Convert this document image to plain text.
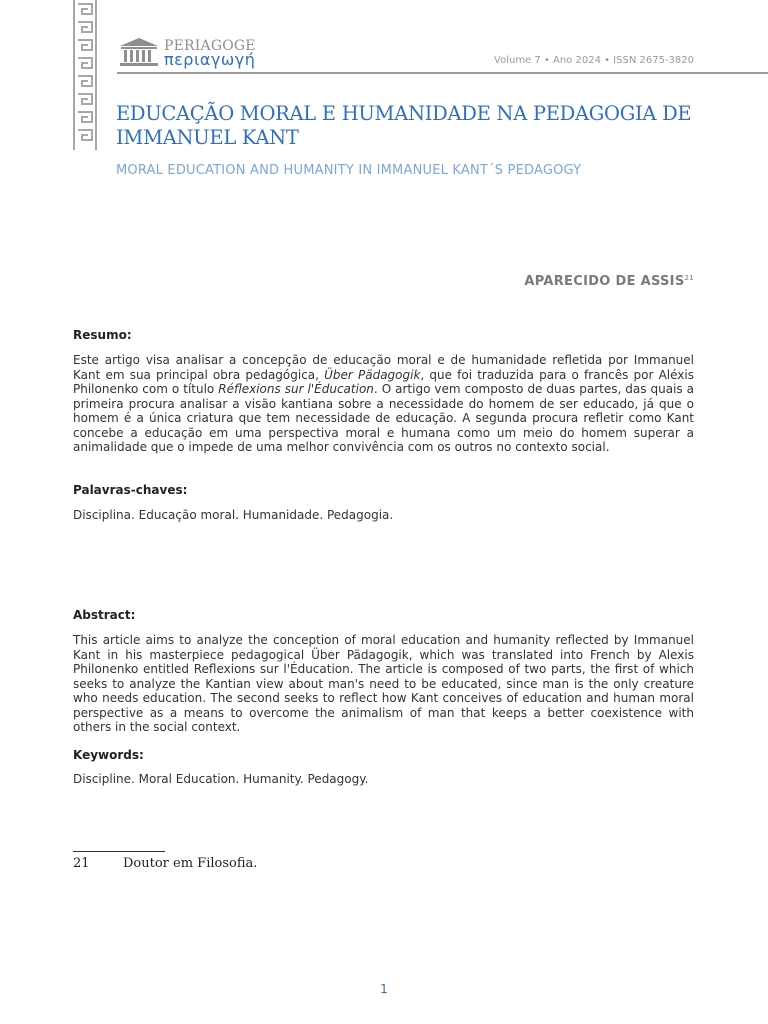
PERIAGOGE
περιαγωγή	Volume 7 • Ano 2024 • ISSN 2675-3820
EDUCAÇÃO MORAL E HUMANIDADE NA PEDAGOGIA DE IMMANUEL KANT
MORAL EDUCATION AND HUMANITY IN IMMANUEL KANT´S PEDAGOGY
APARECIDO DE ASSIS$^{21}$

Resumo:

Este artigo visa analisar a concepção de educação moral e de humanidade refletida por Immanuel Kant em sua principal obra pedagógica, Über Pädagogik, que foi traduzida para o francês por Aléxis Philonenko com o título Réflexions sur l'Éducation. O artigo vem composto de duas partes, das quais a primeira procura analisar a visão kantiana sobre a necessidade do homem de ser educado, já que o homem é a única criatura que tem necessidade de educação. A segunda procura refletir como Kant concebe a educação em uma perspectiva moral e humana como um meio do homem superar a animalidade que o impede de uma melhor convivência com os outros no contexto social.

Palavras-chaves:

Disciplina. Educação moral. Humanidade. Pedagogia.

Abstract:

This article aims to analyze the conception of moral education and humanity reflected by Immanuel Kant in his masterpiece pedagogical Über Pädagogik, which was translated into French by Alexis Philonenko entitled Reflexions sur l'Éducation. The article is composed of two parts, the first of which seeks to analyze the Kantian view about man's need to be educated, since man is the only creature who needs education. The second seeks to reflect how Kant conceives of education and human moral perspective as a means to overcome the animalism of man that keeps a better coexistence with others in the social context.

Keywords:

Discipline. Moral Education. Humanity. Pedagogy.

21	Doutor em Filosofia.
1
